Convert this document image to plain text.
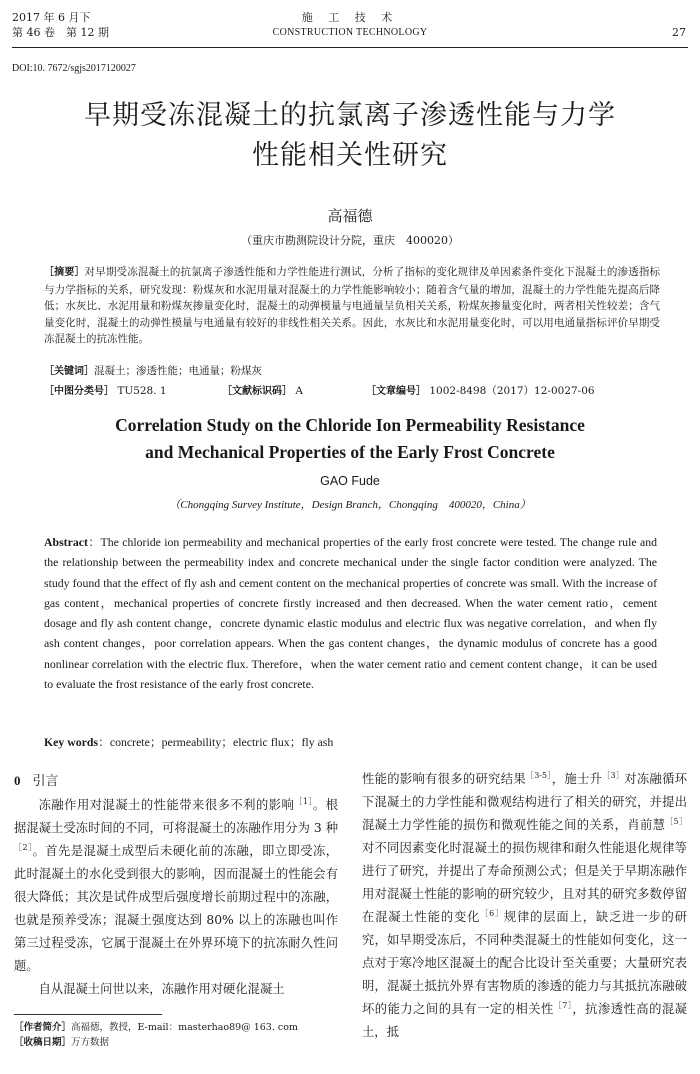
2017 年 6 月下
第 46 卷　第 12 期
施 工 技 术
CONSTRUCTION TECHNOLOGY	27
DOI:10. 7672/sgjs2017120027
早期受冻混凝土的抗氯离子渗透性能与力学
性能相关性研究
高福德
（重庆市勘测院设计分院，重庆　400020）
［摘要］对早期受冻混凝土的抗氯离子渗透性能和力学性能进行测试，分析了指标的变化规律及单因素条件变化下混凝土的渗透指标与力学指标的关系，研究发现：粉煤灰和水泥用量对混凝土的力学性能影响较小；随着含气量的增加，混凝土的力学性能先提高后降低；水灰比、水泥用量和粉煤灰掺量变化时，混凝土的动弹模量与电通量呈负相关关系，粉煤灰掺量变化时，两者相关性较差；含气量变化时，混凝土的动弹性模量与电通量有较好的非线性相关关系。因此，水灰比和水泥用量变化时，可以用电通量指标评价早期受冻混凝土的抗冻性能。
［关键词］混凝土；渗透性能；电通量；粉煤灰
［中图分类号］ TU528. 1	［文献标识码］ A	［文章编号］ 1002-8498（2017）12-0027-06
Correlation Study on the Chloride Ion Permeability Resistance
and Mechanical Properties of the Early Frost Concrete
GAO Fude
（Chongqing Survey Institute，Design Branch，Chongqing　400020，China）
Abstract：The chloride ion permeability and mechanical properties of the early frost concrete were tested. The change rule and the relationship between the permeability index and concrete mechanical under the single factor condition were analyzed. The study found that the effect of fly ash and cement content on the mechanical properties of concrete was small. With the increase of gas content，mechanical properties of concrete firstly increased and then decreased. When the water cement ratio，cement dosage and fly ash content change，concrete dynamic elastic modulus and electric flux was negative correlation，and when fly ash content changes，poor correlation appears. When the gas content changes，the dynamic modulus of concrete has a good nonlinear correlation with the electric flux. Therefore，when the water cement ratio and cement content change，it can be used to evaluate the frost resistance of the early frost concrete.
Key words：concrete；permeability；electric flux；fly ash
0 引言

冻融作用对混凝土的性能带来很多不利的影响$^{[1]}$。根据混凝土受冻时间的不同，可将混凝土的冻融作用分为 3 种$^{[2]}$。首先是混凝土成型后未硬化前的冻融，即立即受冻，此时混凝土的水化受到很大的影响，因而混凝土的性能会有很大降低；其次是试件成型后强度增长前期过程中的冻融，也就是预养受冻；混凝土强度达到 80% 以上的冻融也叫作第三过程受冻，它属于混凝土在外界环境下的抗冻耐久性问题。

自从混凝土问世以来，冻融作用对硬化混凝土

性能的影响有很多的研究结果$^{[3-5]}$，施士升$^{[3]}$对冻融循环下混凝土的力学性能和微观结构进行了相关的研究，并提出混凝土力学性能的损伤和微观性能之间的关系，肖前慧$^{[5]}$对不同因素变化时混凝土的损伤规律和耐久性能退化规律等进行了研究，并提出了寿命预测公式；但是关于早期冻融作用对混凝土性能的影响的研究较少，且对其的研究多数停留在混凝土性能的变化$^{[6]}$规律的层面上，缺乏进一步的研究，如早期受冻后，不同种类混凝土的性能如何变化，这一点对于寒冷地区混凝土的配合比设计至关重要；大量研究表明，混凝土抵抗外界有害物质的渗透的能力与其抵抗冻融破坏的能力之间的具有一定的相关性$^{[7]}$，抗渗透性高的混凝土，抵

［作者简介］高福德，教授，E-mail：masterhao89@ 163. com
［收稿日期］万方数据
